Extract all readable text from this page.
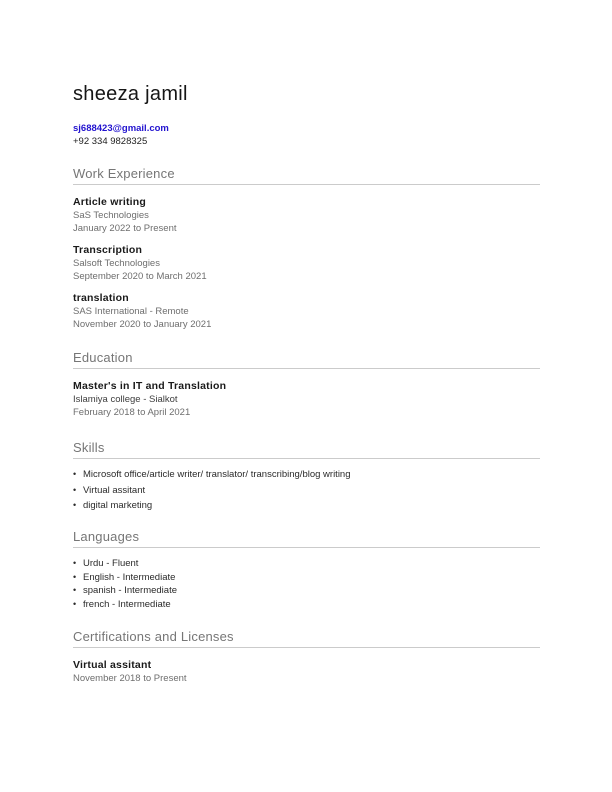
sheeza jamil
sj688423@gmail.com
+92 334 9828325
Work Experience
Article writing
SaS Technologies
January 2022 to Present
Transcription
Salsoft Technologies
September 2020 to March 2021
translation
SAS International - Remote
November 2020 to January 2021
Education
Master's in IT and Translation
Islamiya college - Sialkot
February 2018 to April 2021
Skills
• Microsoft office/article writer/ translator/ transcribing/blog writing
• Virtual assitant
• digital marketing
Languages
• Urdu - Fluent
• English - Intermediate
• spanish - Intermediate
• french - Intermediate
Certifications and Licenses
Virtual assitant
November 2018 to Present
